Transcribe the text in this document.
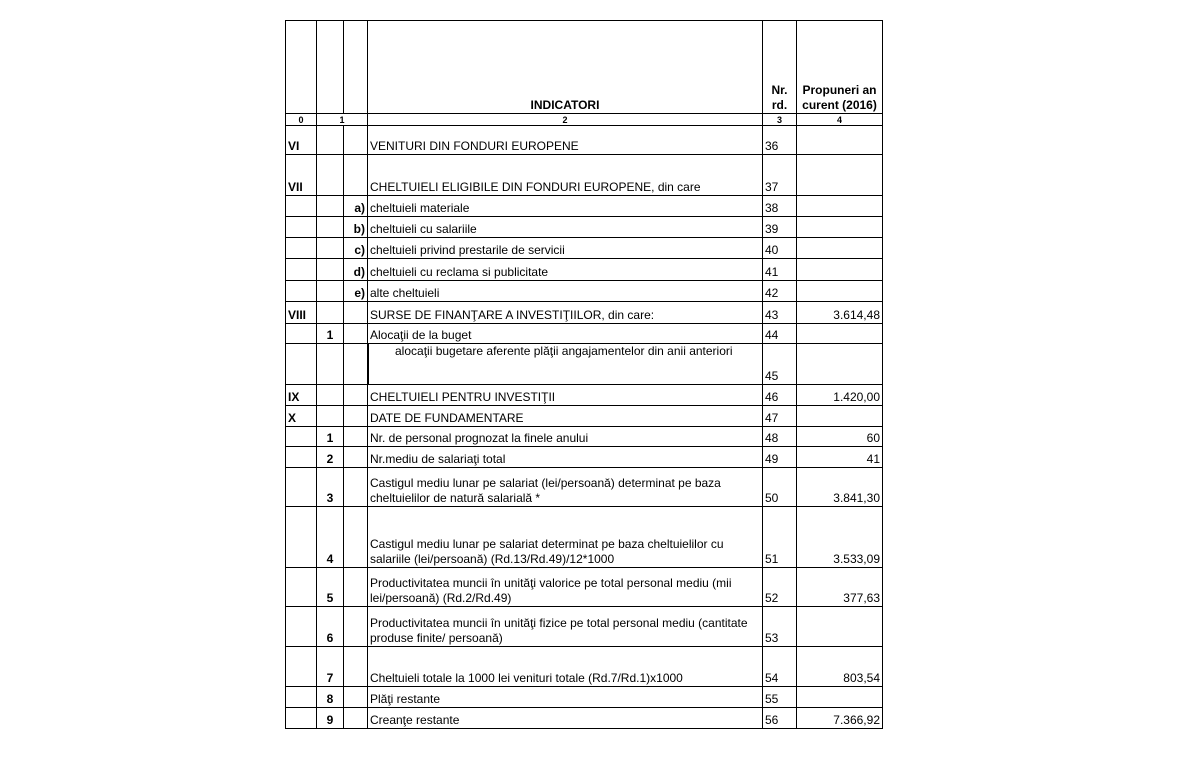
			INDICATORI	Nr. rd.	Propuneri an curent (2016)
0	1		2	3	4
VI			VENITURI DIN FONDURI EUROPENE	36	
VII			CHELTUIELI ELIGIBILE DIN FONDURI EUROPENE, din care	37	
		a)	cheltuieli materiale	38	
		b)	cheltuieli cu salariile	39	
		c)	cheltuieli privind prestarile de servicii	40	
		d)	cheltuieli cu reclama si publicitate	41	
		e)	alte cheltuieli	42	
VIII			SURSE DE FINANŢARE A INVESTIŢIILOR, din care:	43	3.614,48
	1		Alocaţii de la buget	44	

			alocaţii bugetare aferente plăţii angajamentelor din anii anteriori	45	
IX			CHELTUIELI PENTRU INVESTIŢII	46	1.420,00
X			DATE DE FUNDAMENTARE	47	
	1		Nr. de personal prognozat la finele anului	48	60
	2		Nr.mediu de salariaţi total	49	41
	3		Castigul mediu lunar pe salariat (lei/persoană) determinat pe baza cheltuielilor de natură salarială *	50	3.841,30
	4		Castigul mediu lunar pe salariat determinat pe baza cheltuielilor cu salariile (lei/persoană) (Rd.13/Rd.49)/12*1000	51	3.533,09
	5		Productivitatea muncii în unităţi valorice pe total personal mediu (mii lei/persoană) (Rd.2/Rd.49)	52	377,63
	6		Productivitatea muncii în unităţi fizice pe total personal mediu (cantitate produse finite/ persoană)	53	
	7		Cheltuieli totale la 1000 lei venituri totale (Rd.7/Rd.1)x1000	54	803,54
	8		Plăţi restante	55	
	9		Creanţe restante	56	7.366,92
